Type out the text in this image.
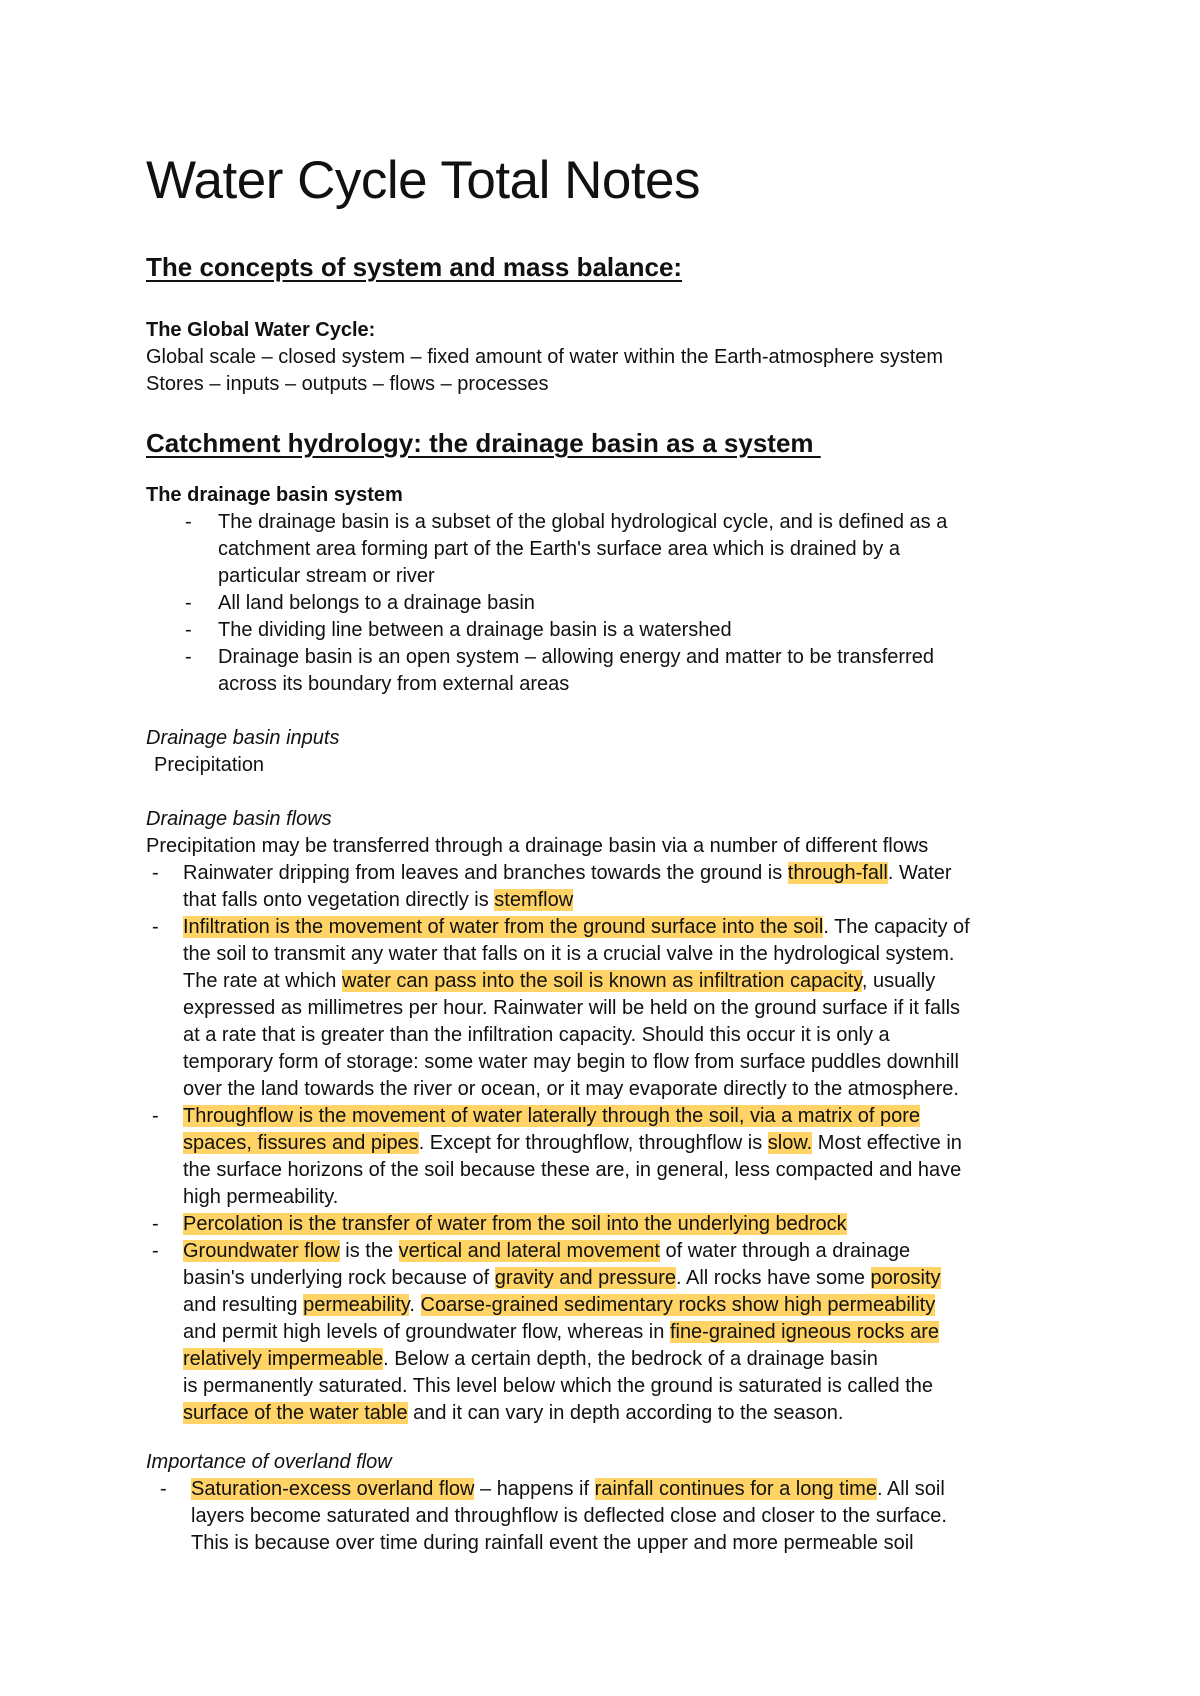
Water Cycle Total Notes
The concepts of system and mass balance:
The Global Water Cycle:
Global scale – closed system – fixed amount of water within the Earth-atmosphere system
Stores – inputs – outputs – flows – processes
Catchment hydrology: the drainage basin as a system
The drainage basin system
- The drainage basin is a subset of the global hydrological cycle, and is defined as a
catchment area forming part of the Earth's surface area which is drained by a
particular stream or river
- All land belongs to a drainage basin
- The dividing line between a drainage basin is a watershed
- Drainage basin is an open system – allowing energy and matter to be transferred
across its boundary from external areas
Drainage basin inputs
Precipitation
Drainage basin flows
Precipitation may be transferred through a drainage basin via a number of different flows
- Rainwater dripping from leaves and branches towards the ground is through-fall. Water
that falls onto vegetation directly is stemflow
- Infiltration is the movement of water from the ground surface into the soil. The capacity of
the soil to transmit any water that falls on it is a crucial valve in the hydrological system.
The rate at which water can pass into the soil is known as infiltration capacity, usually
expressed as millimetres per hour. Rainwater will be held on the ground surface if it falls
at a rate that is greater than the infiltration capacity. Should this occur it is only a
temporary form of storage: some water may begin to flow from surface puddles downhill
over the land towards the river or ocean, or it may evaporate directly to the atmosphere.
- Throughflow is the movement of water laterally through the soil, via a matrix of pore
spaces, fissures and pipes. Except for throughflow, throughflow is slow. Most effective in
the surface horizons of the soil because these are, in general, less compacted and have
high permeability.
- Percolation is the transfer of water from the soil into the underlying bedrock
- Groundwater flow is the vertical and lateral movement of water through a drainage
basin's underlying rock because of gravity and pressure. All rocks have some porosity
and resulting permeability. Coarse-grained sedimentary rocks show high permeability
and permit high levels of groundwater flow, whereas in fine-grained igneous rocks are
relatively impermeable. Below a certain depth, the bedrock of a drainage basin
is permanently saturated. This level below which the ground is saturated is called the
surface of the water table and it can vary in depth according to the season.
Importance of overland flow
- Saturation-excess overland flow – happens if rainfall continues for a long time. All soil
layers become saturated and throughflow is deflected close and closer to the surface.
This is because over time during rainfall event the upper and more permeable soil
